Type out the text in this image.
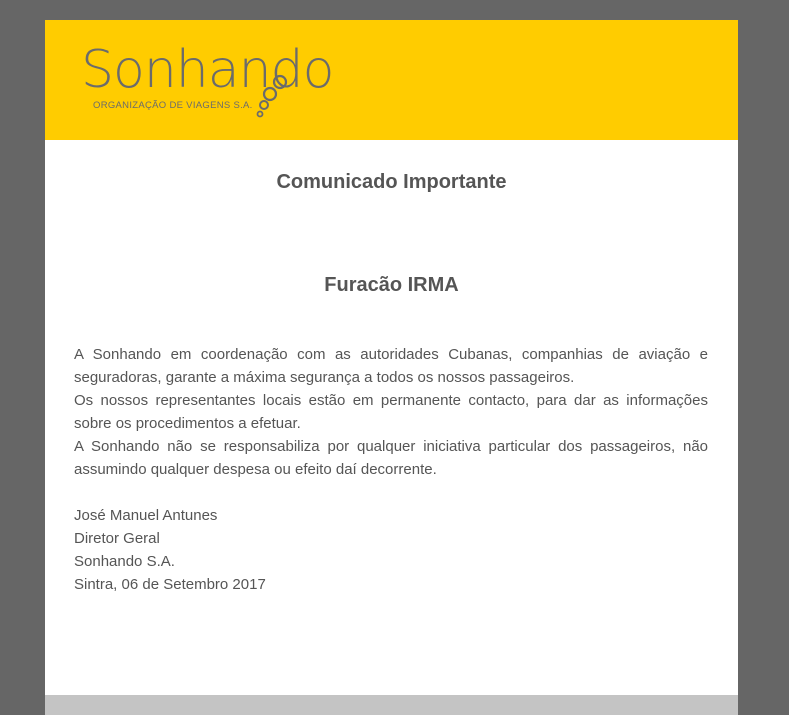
Sonhando
ORGANIZAÇÃO DE VIAGENS S.A.
Comunicado Importante
Furacão IRMA

A Sonhando em coordenação com as autoridades Cubanas, companhias de aviação e seguradoras, garante a máxima segurança a todos os nossos passageiros.

Os nossos representantes locais estão em permanente contacto, para dar as informações sobre os procedimentos a efetuar.

A Sonhando não se responsabiliza por qualquer iniciativa particular dos passageiros, não assumindo qualquer despesa ou efeito daí decorrente.

José Manuel Antunes
Diretor Geral
Sonhando S.A.
Sintra, 06 de Setembro 2017
